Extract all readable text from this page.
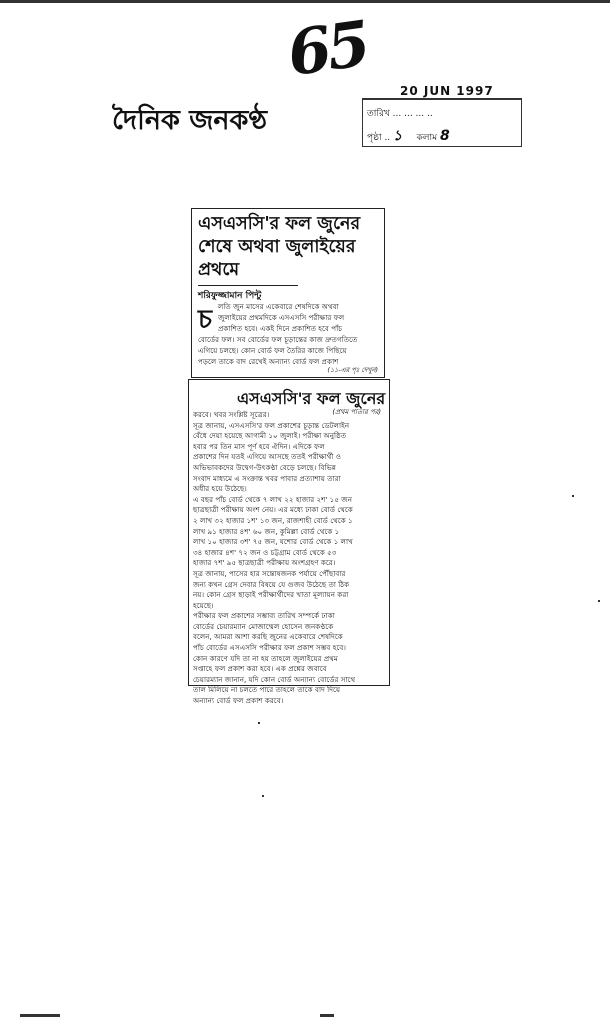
65
দৈনিক জনকণ্ঠ
20 JUN 1997
তারিখ ... ... ... ..
পৃষ্ঠা .. ১ কলাম 8
এসএসসি'র ফল জুনের
শেষে অথবা জুলাইয়ের
প্রথমে
শরিফুজ্জামান পিন্টু
চ লতি জুন মাসের একেবারে শেষদিকে অথবা
জুলাইয়ের প্রথমদিকে এসএসসি পরীক্ষার ফল
প্রকাশিত হবে। একই দিনে প্রকাশিত হবে পাঁচ
বোর্ডের ফল। সব বোর্ডের ফল চূড়ান্তের কাজ দ্রুতগতিতে
এগিয়ে চলছে। কোন বোর্ড ফল তৈরির কাজে পিছিয়ে
পড়লে তাকে বাদ রেখেই অন্যান্য বোর্ড ফল প্রকাশ
(১১-এর পৃঃ দেখুন)
এসএসসি'র ফল জুনের
(প্রথম পাতার পর)
করবে। খবর সংশ্লিষ্ট সূত্রের।
সূত্র জানায়, এসএসসি'র ফল প্রকাশের চূড়ান্ত ডেটলাইন
বেঁধে দেয়া হয়েছে আগামী ১০ জুলাই। পরীক্ষা অনুষ্ঠিত
হবার পর তিন মাস পূর্ণ হবে ঐদিন। এদিকে ফল
প্রকাশের দিন যতই এগিয়ে আসছে ততই পরীক্ষার্থী ও
অভিভাবকদের উদ্বেগ-উৎকণ্ঠা বেড়ে চলছে। বিভিন্ন
সংবাদ মাধ্যমে এ সংক্রান্ত খবর পাবার প্রত্যাশায় তারা
অধীর হয়ে উঠেছে।
এ বছর পাঁচ বোর্ড থেকে ৭ লাখ ২২ হাজার ২শ' ১৫ জন
ছাত্রছাত্রী পরীক্ষায় অংশ নেয়। এর মধ্যে ঢাকা বোর্ড থেকে
২ লাখ ৩২ হাজার ১শ' ১৩ জন, রাজশাহী বোর্ড থেকে ১
লাখ ৯১ হাজার ৪শ' ৬০ জন, কুমিল্লা বোর্ড থেকে ১
লাখ ১০ হাজার ৩শ' ৭৫ জন, যশোর বোর্ড থেকে ১ লাখ
৩৪ হাজার ৪শ' ৭২ জন ও চট্টগ্রাম বোর্ড থেকে ৫৩
হাজার ৭শ' ৯৫ ছাত্রছাত্রী পরীক্ষায় অংশগ্রহণ করে।
সূত্র জানায়, পাসের হার সন্তোষজনক পর্যায়ে পৌঁছাবার
জন্য কখন গ্রেস দেবার বিষয়ে যে গুজব উঠেছে তা ঠিক
নয়। কোন গ্রেস ছাড়াই পরীক্ষার্থীদের খাতা মূল্যায়ন করা
হয়েছে।
পরীক্ষার ফল প্রকাশের সম্ভাব্য তারিখ সম্পর্কে ঢাকা
বোর্ডের চেয়ারম্যান মোজাম্মেল হোসেন জনকণ্ঠকে
বলেন, আমরা আশা করছি জুনের একেবারে শেষদিকে
পাঁচ বোর্ডের এসএসসি পরীক্ষার ফল প্রকাশ সম্ভব হবে।
কোন কারণে যদি তা না হয় তাহলে জুলাইয়ের প্রথম
সপ্তাহে ফল প্রকাশ করা হবে। এক প্রশ্নের জবাবে
চেয়ারম্যান জানান, যদি কোন বোর্ড অন্যান্য বোর্ডের সাথে
তাল মিলিয়ে না চলতে পারে তাহলে তাকে বাদ দিয়ে
অন্যান্য বোর্ড ফল প্রকাশ করবে।
